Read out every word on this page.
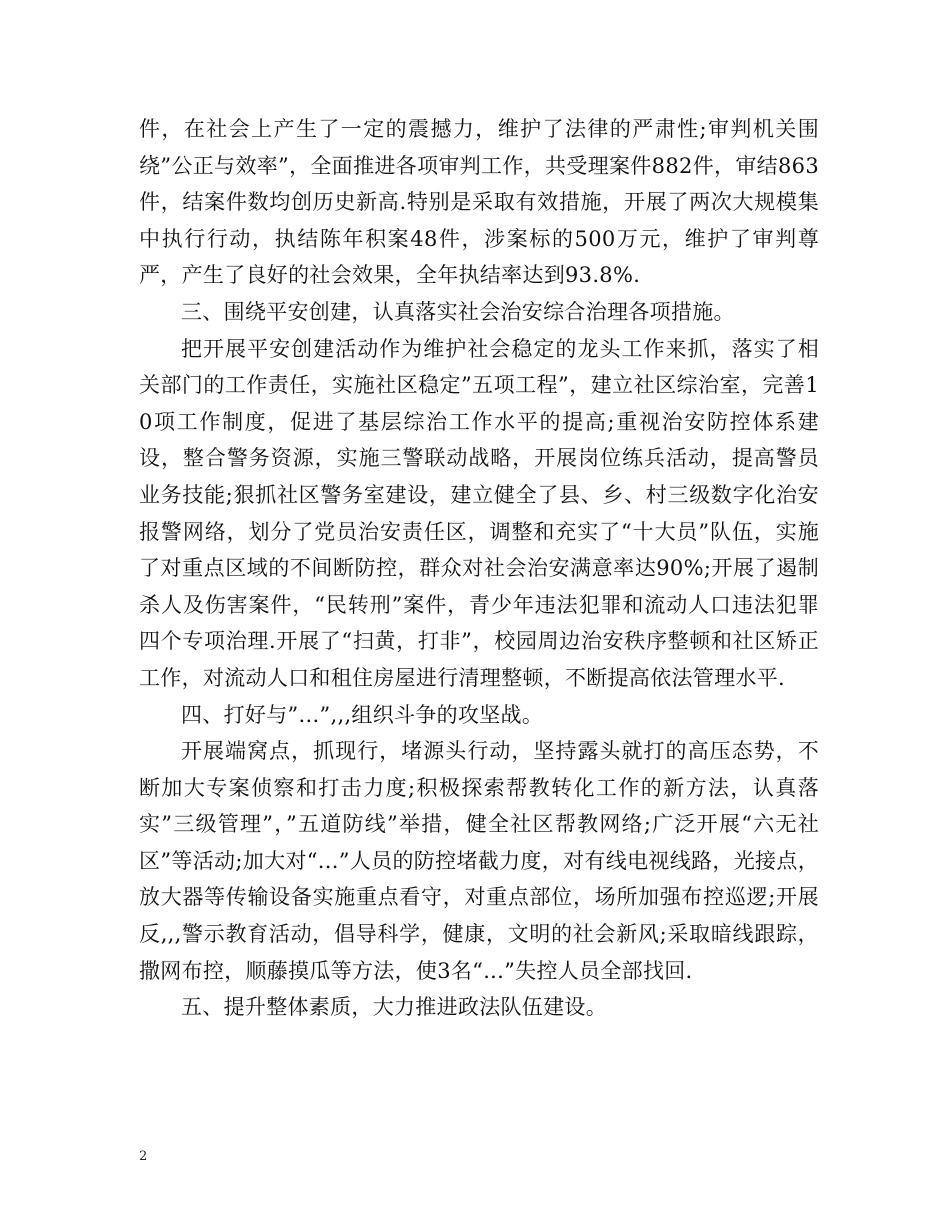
件，在社会上产生了一定的震撼力，维护了法律的严肃性;审判机关围绕”公正与效率”，全面推进各项审判工作，共受理案件882件，审结863件，结案件数均创历史新高.特别是采取有效措施，开展了两次大规模集中执行行动，执结陈年积案48件，涉案标的500万元，维护了审判尊严，产生了良好的社会效果，全年执结率达到93.8%.

三、围绕平安创建，认真落实社会治安综合治理各项措施。

把开展平安创建活动作为维护社会稳定的龙头工作来抓，落实了相关部门的工作责任，实施社区稳定”五项工程”，建立社区综治室，完善10项工作制度，促进了基层综治工作水平的提高;重视治安防控体系建设，整合警务资源，实施三警联动战略，开展岗位练兵活动，提高警员业务技能;狠抓社区警务室建设，建立健全了县、乡、村三级数字化治安报警网络，划分了党员治安责任区，调整和充实了“十大员”队伍，实施了对重点区域的不间断防控，群众对社会治安满意率达90%;开展了遏制杀人及伤害案件，“民转刑”案件，青少年违法犯罪和流动人口违法犯罪四个专项治理.开展了“扫黄，打非”，校园周边治安秩序整顿和社区矫正工作，对流动人口和租住房屋进行清理整顿，不断提高依法管理水平.

四、打好与”...”,,,组织斗争的攻坚战。

开展端窝点，抓现行，堵源头行动，坚持露头就打的高压态势，不断加大专案侦察和打击力度;积极探索帮教转化工作的新方法，认真落实”三级管理”，”五道防线”举措，健全社区帮教网络;广泛开展“六无社区”等活动;加大对“...”人员的防控堵截力度，对有线电视线路，光接点，放大器等传输设备实施重点看守，对重点部位，场所加强布控巡逻;开展反,,,警示教育活动，倡导科学，健康，文明的社会新风;采取暗线跟踪，撒网布控，顺藤摸瓜等方法，使3名“...”失控人员全部找回.

五、提升整体素质，大力推进政法队伍建设。

2
